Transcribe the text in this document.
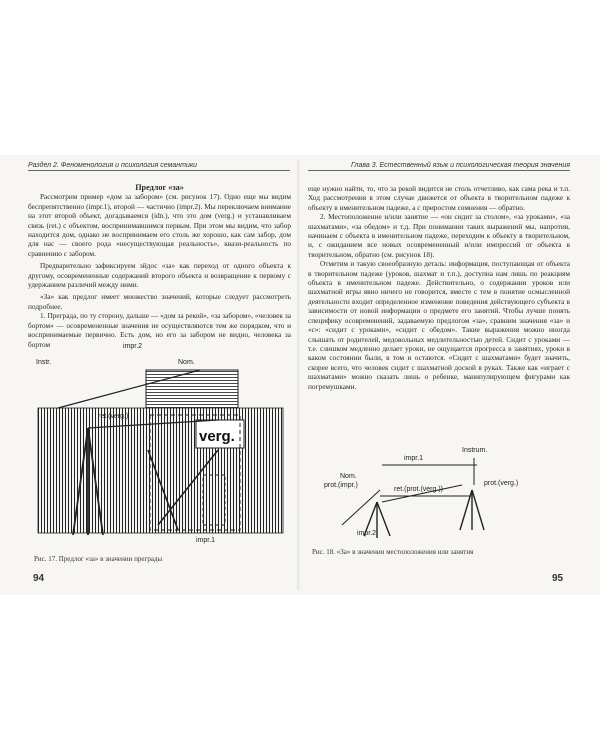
Раздел 2. Феноменология и психология семантики	Глава 3. Естественный язык и психологическая теория значения

Предлог «за»

Рассмотрим пример «дом за забором» (см. рисунок 17). Одно еще мы видим беспрепятственно (impr.1), второй — частично (impr.2). Мы переключаем внимание на этот второй объект, догадываемся (idn.), что это дом (verg.) и устанавливаем связь (ret.) с объектом, воспринимавшимся первым. При этом мы видим, что забор находится дом, однако не воспринимаем его столь же хорошо, как сам забор, дом для нас — своего рода «несуществующая реальность», квази-реальность по сравнению с забором.

Предварительно зафиксируем эйдос «за» как переход от одного объекта к другому, осовремененные содержаний второго объекта и возвращение к первому с удержанием различий между ними.

«За» как предлог имеет множество значений, которые следует рассмотреть подробнее.

1. Преграда, по ту сторону, дальше — «дом за рекой», «за забором», «человек за бортом» — осовремененные значения не осуществляются тем же порядком, что и воспринимаемые первично. Есть дом, но его за забором не видно, человека за бортом

Instr.
impr.2
Nom.
ret.(verg.)
verg.
impr.1
Рис. 17. Предлог «за» в значении преграды
94

еще нужно найти, то, что за рекой видится не столь отчетливо, как сама река и т.п. Ход рассмотрения в этом случае движется от объекта в творительном падеже к объекту в именительном падеже, а с приростом сомнения — обратно.

2. Местоположение и/или занятие — «он сидит за столом», «за уроками», «за шахматами», «за обедом» и т.д. При понимании таких выражений мы, напротив, начинаем с объекта в именительном падеже, переходим к объекту в творительном, и, с ожиданием все новых осовремененный и/или импрессий от объекта в творительном, обратно (см. рисунок 18).

Отметим и такую своеобразную деталь: информация, поступающая от объекта в творительном падеже (уроков, шахмат и т.п.), доступна нам лишь по реакциям объекта в именительном падеже. Действительно, о содержании уроков или шахматной игры явно ничего не говорится, вместе с тем в понятие осмысленной деятельности входит определенное изменение поведения действующего субъекта в зависимости от новой информации о предмете его занятий. Чтобы лучше понять специфику осовременений, задаваемую предлогом «за», сравним значения «за» и «с»: «сидит с уроками», «сидит с обедом». Такие выражения можно иногда слышать от родителей, медовольных медлительностью детей. Сидит с уроками — т.е. слишком медленно делает уроки, не ощущается прогресса в занятиях, уроки в каком состоянии были, в том и остаются. «Сидит с шахматами» будет значить, скорее всего, что человек сидит с шахматной доской в руках. Также как «играет с шахматами» можно сказать лишь о ребенке, манипулирующем фигурами как погремушками.

impr.1
Instrum.
Nom.
prot.(impr.)
ret.(prot.(verg.))
prot.(verg.)
impr.2
Рис. 18. «За» в значении местоположения или занятия
95
